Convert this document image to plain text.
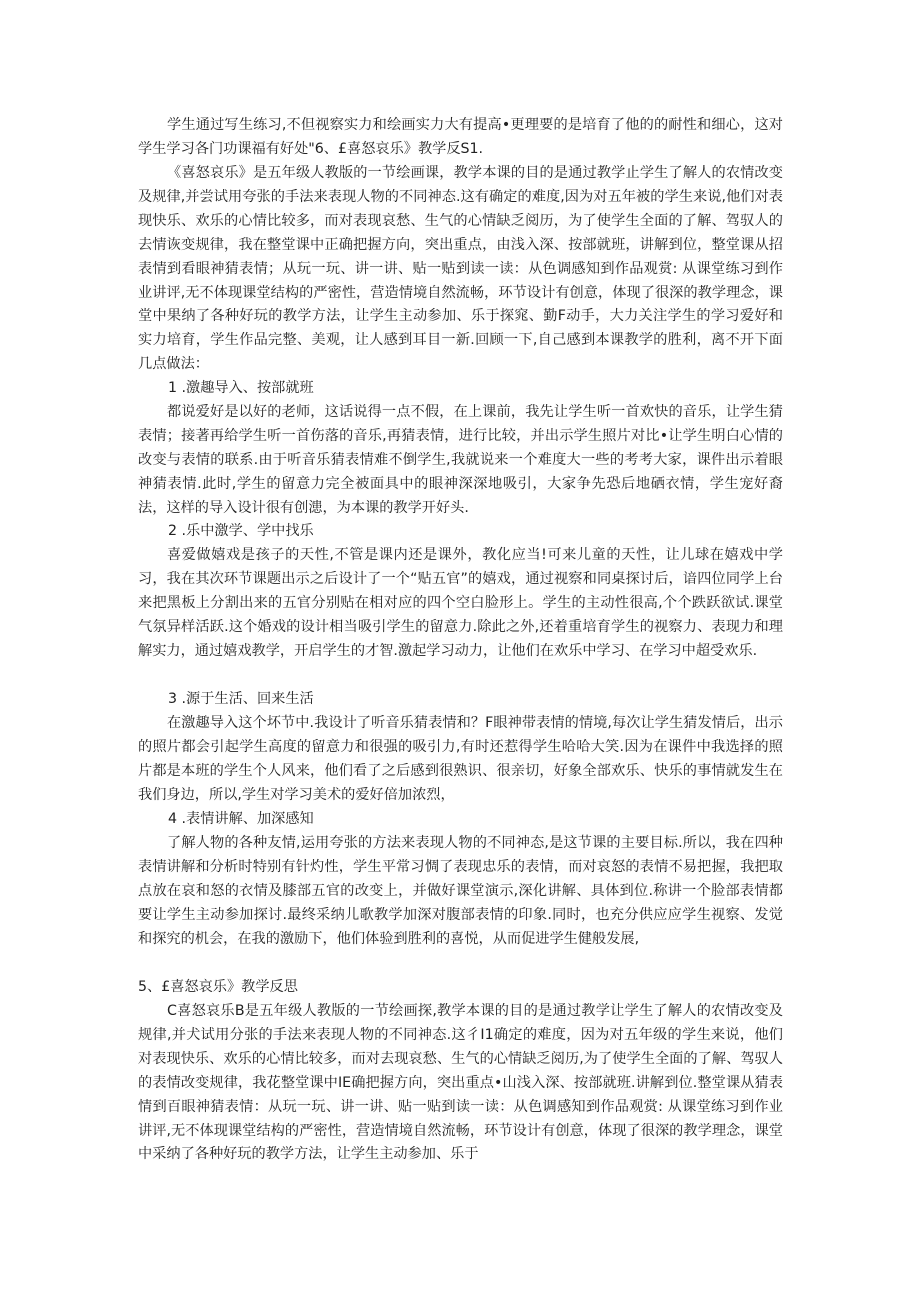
学生通过写生练习,不但视察实力和绘画实力大有提高•更理要的是培育了他的的耐性和细心，这对学生学习各门功课福有好处"6、£喜怒哀乐》教学反S1.

《喜怒哀乐》是五年级人教版的一节绘画课，教学本课的目的是通过教学止学生了解人的农情改变及规律,并尝试用夸张的手法来表现人物的不同神态.这有确定的难度,因为对五年被的学生来说,他们对表现快乐、欢乐的心情比较多，而对表现哀愁、生气的心情缺乏阅历，为了使学生全面的了解、驾驭人的去情诙变规律，我在整堂课中正确把握方向，突出重点，由浅入深、按部就班，讲解到位，整堂课从招表情到看眼神猜表情；从玩一玩、讲一讲、贴一贴到读一读：从色调感知到作品观赏: 从课堂练习到作业讲评,无不体现课堂结构的严密性，营造情境自然流畅，环节设计有创意，体现了很深的教学理念，课堂中果纳了各种好玩的教学方法，让学生主动参加、乐于探窕、勤F动手，大力关注学生的学习爱好和实力培育，学生作品完整、美观，让人感到耳目一新.回顾一下,自己感到本课教学的胜利，离不开下面几点做法：

1 .激趣导入、按部就班

都说爱好是以好的老师，这话说得一点不假，在上课前，我先让学生听一首欢快的音乐，让学生猜表情；接著再给学生听一首伤落的音乐,再猜表情，进行比较，并出示学生照片对比•让学生明白心情的改变与表情的联系.由于听音乐猜表情难不倒学生,我就说来一个难度大一些的考考大家，课件出示着眼神猜表情.此时,学生的留意力完全被面具中的眼神深深地吸引，大家争先恐后地硒衣情，学生宠好裔法，这样的导入设计很有创漶，为本课的教学开好头.

2 .乐中激学、学中找乐

喜爱做嬉戏是孩子的天性,不管是课内还是课外，教化应当!可来儿童的天性，让儿球在嬉戏中学习，我在其次环节课题出示之后设计了一个“贴五官”的嬉戏，通过视察和同桌探讨后，谙四位同学上台来把黑板上分割出来的五官分别贴在相对应的四个空白脸形上。学生的主动性很高,个个跌跃欲试.课堂气氛异样活跃.这个婚戏的设计相当吸引学生的留意力.除此之外,还着重培育学生的视察力、表现力和理解实力，通过嬉戏教学，开启学生的才智.激起学习动力，让他们在欢乐中学习、在学习中超受欢乐.

3 .源于生活、回来生活

在激趣导入这个坏节中.我设计了听音乐猜表情和？F眼神带表情的情境,每次让学生猜发情后，出示的照片都会引起学生高度的留意力和很强的吸引力,有时还惹得学生哈哈大笑.因为在课件中我选择的照片都是本班的学生个人风来，他们看了之后感到很熟识、很亲切，好象全部欢乐、快乐的事情就发生在我们身边，所以,学生对学习美术的爱好倍加浓烈，

4 .表情讲解、加深感知

了解人物的各种友情,运用夸张的方法来表现人物的不同神态,是这节课的主要目标.所以，我在四种表情讲解和分析时特别有针灼性，学生平常习惆了表现忠乐的表情，而对哀怒的表情不易把握，我把取点放在哀和怒的衣情及膝部五官的改变上，并做好课堂演示,深化讲解、具体到位.称讲一个脸部表情都要让学生主动参加探讨.最终采纳儿歌教学加深对腹部表情的印象.同时，也充分供应应学生视察、发觉和探究的机会，在我的激励下，他们体验到胜利的喜悦，从而促进学生健般发展,

5、£喜怒哀乐》教学反思

C喜怒哀乐B是五年级人教版的一节绘画探,教学本课的目的是通过教学让学生了解人的农情改变及规律,并犬试用分张的手法来表现人物的不同神态.这彳I1确定的难度，因为对五年级的学生来说，他们对表现快乐、欢乐的心情比较多，而对去现哀愁、生气的心情缺乏阅历,为了使学生全面的了解、驾驭人的表情改变规律，我花整堂课中IE确把握方向，突出重点•山浅入深、按部就班.讲解到位.整堂课从猜表情到百眼神猜表情：从玩一玩、讲一讲、贴一贴到读一读：从色调感知到作品观赏: 从课堂练习到作业讲评,无不体现课堂结构的严密性，营造情境自然流畅，环节设计有创意，体现了很深的教学理念，课堂中采纳了各种好玩的教学方法，让学生主动参加、乐于
